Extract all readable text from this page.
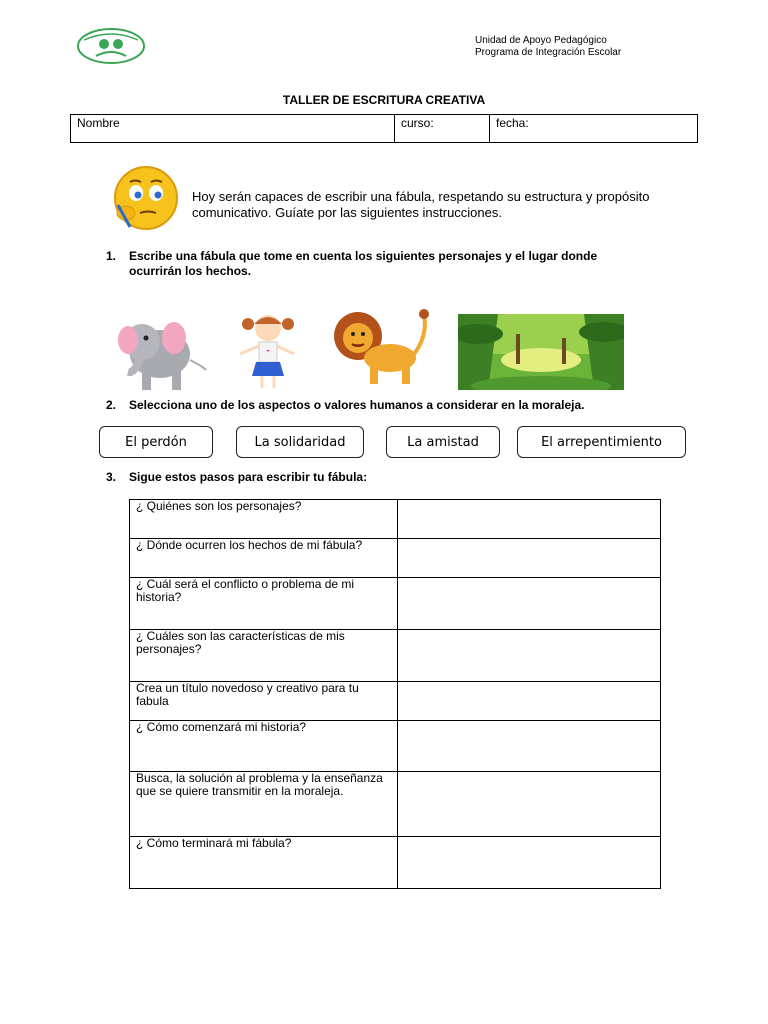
Unidad de Apoyo Pedagógico
Programa de Integración Escolar
TALLER DE ESCRITURA CREATIVA
Nombre	curso:	fecha:
Hoy serán capaces de escribir una fábula, respetando su estructura y propósito comunicativo. Guíate por las siguientes instrucciones.
1. Escribe una fábula que tome en cuenta los siguientes personajes y el lugar donde ocurrirán los hechos.
2. Selecciona uno de los aspectos o valores humanos a considerar en la moraleja.
El perdón	La solidaridad	La amistad	El arrepentimiento
3. Sigue estos pasos para escribir tu fábula:
¿ Quiénes son los personajes?	
¿ Dónde ocurren los hechos de mi fábula?	
¿ Cuál será el conflicto o problema de mi historia?	
¿ Cuáles son las características de mis personajes?	
Crea un título novedoso y creativo para tu fabula	
¿ Cómo comenzará mi historia?	
Busca, la solución al problema y la enseñanza que se quiere transmitir en la moraleja.	
¿ Cómo terminará mi fábula?	
